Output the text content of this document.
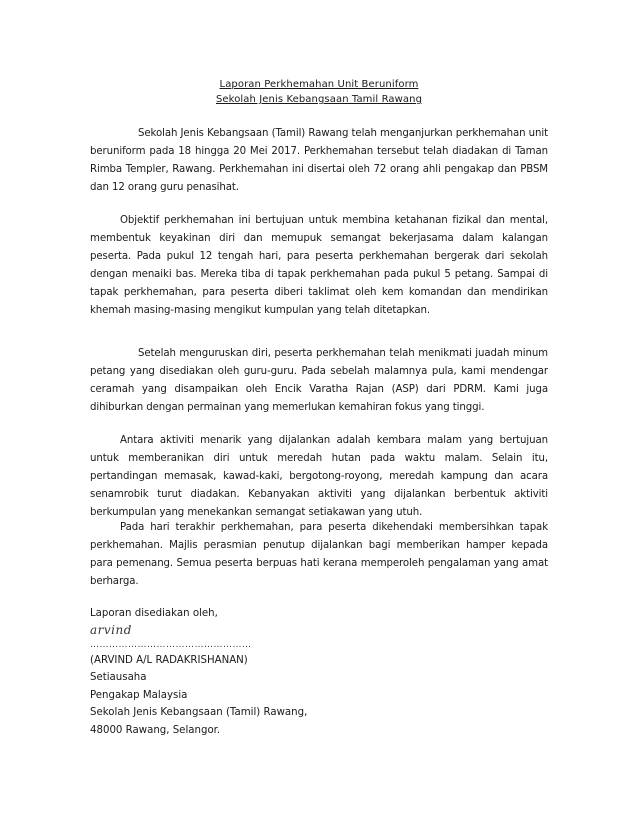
Laporan Perkhemahan Unit Beruniform
Sekolah Jenis Kebangsaan Tamil Rawang

Sekolah Jenis Kebangsaan (Tamil) Rawang telah menganjurkan perkhemahan unit beruniform pada 18 hingga 20 Mei 2017. Perkhemahan tersebut telah diadakan di Taman Rimba Templer, Rawang. Perkhemahan ini disertai oleh 72 orang ahli pengakap dan PBSM dan 12 orang guru penasihat.

Objektif perkhemahan ini bertujuan untuk membina ketahanan fizikal dan mental, membentuk keyakinan diri dan memupuk semangat bekerjasama dalam kalangan peserta. Pada pukul 12 tengah hari, para peserta perkhemahan bergerak dari sekolah dengan menaiki bas. Mereka tiba di tapak perkhemahan pada pukul 5 petang. Sampai di tapak perkhemahan, para peserta diberi taklimat oleh kem komandan dan mendirikan khemah masing-masing mengikut kumpulan yang telah ditetapkan.

Setelah menguruskan diri, peserta perkhemahan telah menikmati juadah minum petang yang disediakan oleh guru-guru. Pada sebelah malamnya pula, kami mendengar ceramah yang disampaikan oleh Encik Varatha Rajan (ASP) dari PDRM. Kami juga dihiburkan dengan permainan yang memerlukan kemahiran fokus yang tinggi.

Antara aktiviti menarik yang dijalankan adalah kembara malam yang bertujuan untuk memberanikan diri untuk meredah hutan pada waktu malam. Selain itu, pertandingan memasak, kawad-kaki, bergotong-royong, meredah kampung dan acara senamrobik turut diadakan. Kebanyakan aktiviti yang dijalankan berbentuk aktiviti berkumpulan yang menekankan semangat setiakawan yang utuh.

Pada hari terakhir perkhemahan, para peserta dikehendaki membersihkan tapak perkhemahan. Majlis perasmian penutup dijalankan bagi memberikan hamper kepada para pemenang. Semua peserta berpuas hati kerana memperoleh pengalaman yang amat berharga.

Laporan disediakan oleh,
arvind
……………………………………………
(ARVIND A/L RADAKRISHANAN)
Setiausaha
Pengakap Malaysia
Sekolah Jenis Kebangsaan (Tamil) Rawang,
48000 Rawang, Selangor.
